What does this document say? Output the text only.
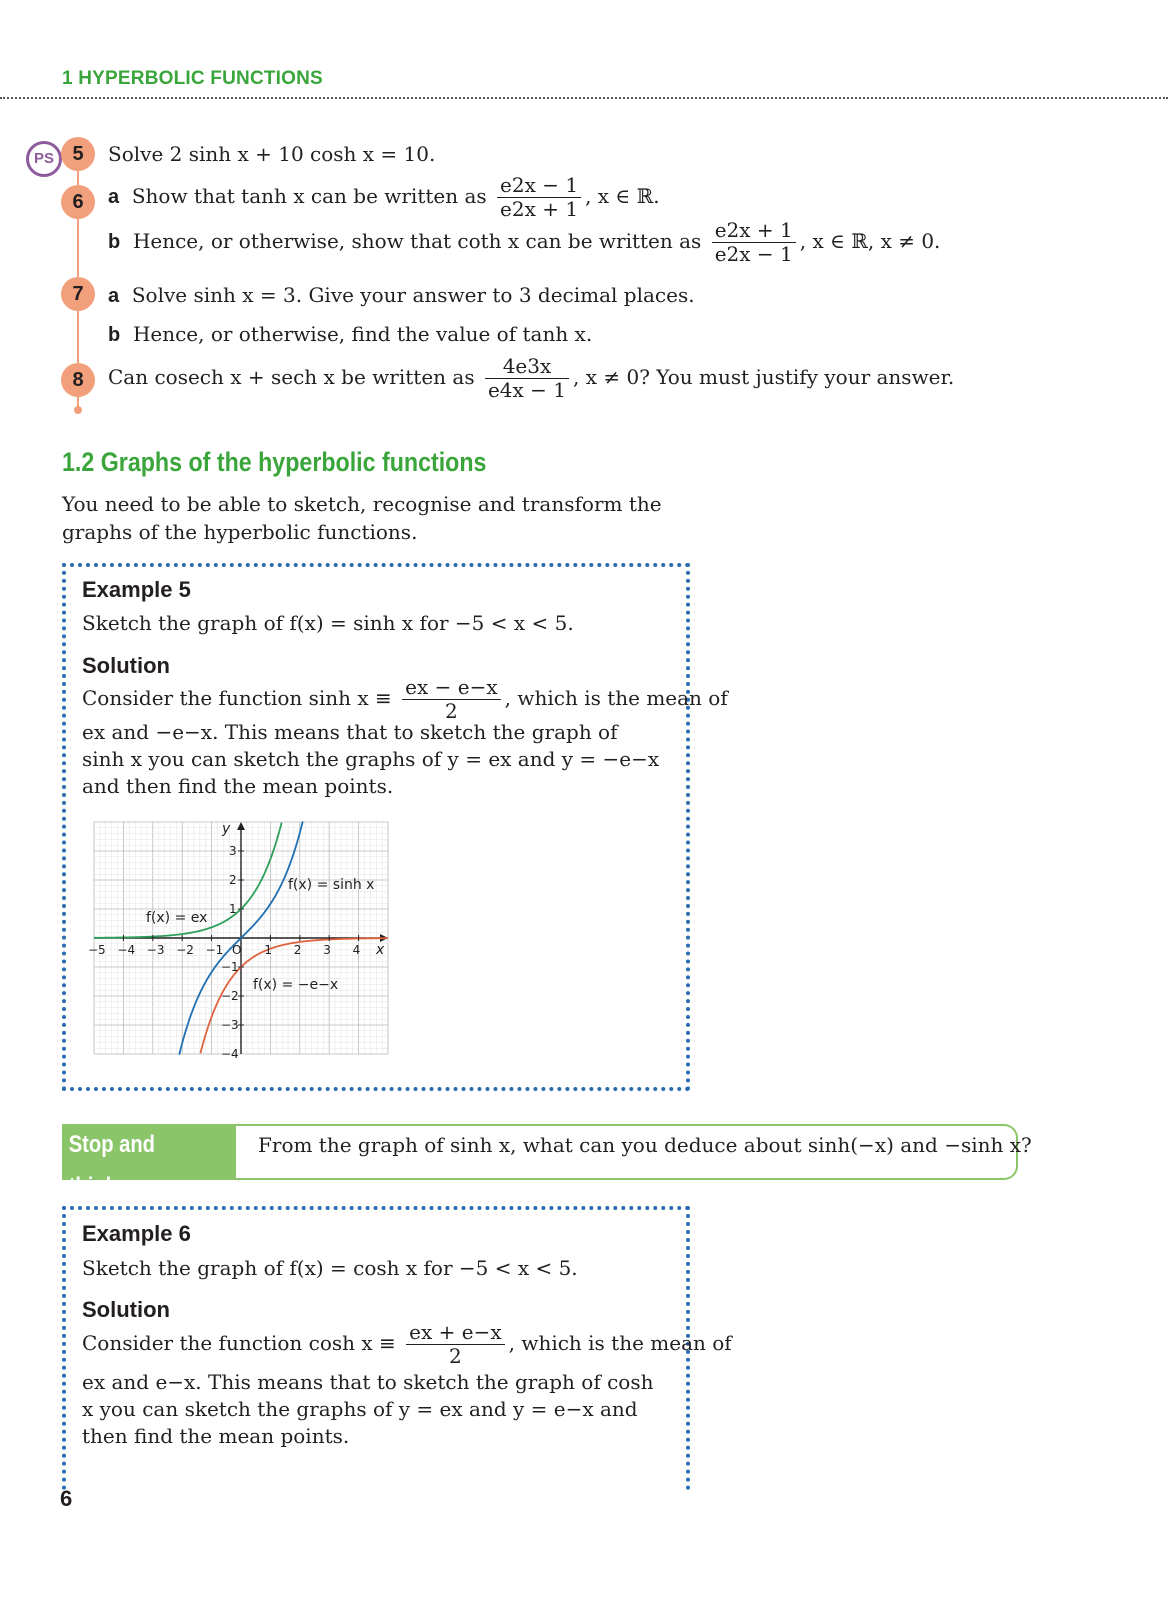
1 HYPERBOLIC FUNCTIONS
PS 5	Solve 2 sinh x + 10 cosh x = 10.
6	a Show that tanh x can be written as $\frac{e2x - 1}{e2x + 1}$ , x ∈ ℝ.
b Hence, or otherwise, show that coth x can be written as $\frac{e2x + 1}{e2x - 1}$ , x ∈ ℝ, x ≠ 0.
7	a Solve sinh x = 3. Give your answer to 3 decimal places.
b Hence, or otherwise, find the value of tanh x.
8	Can cosech x + sech x be written as $\frac{4e3x}{e4x - 1}$ , x ≠ 0? You must justify your answer.
1.2 Graphs of the hyperbolic functions
You need to be able to sketch, recognise and transform the graphs of the hyperbolic functions.
Example 5
Sketch the graph of f(x) = sinh x for −5 < x < 5.
Solution
Consider the function $\sinh x \equiv \frac{ex - e-x}{2}$ , which is the mean of
ex and −e−x. This means that to sketch the graph of sinh x you can sketch the graphs of y = ex and y = −e−x and then find the mean points.
−5 −4 −3 −2 −1 O 1 2 3 4
3
2
1
−1
−2
−3
−4
x
y
f(x) = ex
f(x) = sinh x
f(x) = −e−x
Stop and think
From the graph of sinh x, what can you deduce about sinh(−x) and −sinh x?
Example 6
Sketch the graph of f(x) = cosh x for −5 < x < 5.
Solution
Consider the function $\cosh x \equiv \frac{ex + e-x}{2}$ , which is the mean of
ex and e−x. This means that to sketch the graph of cosh x you can sketch the graphs of y = ex and y = e−x and then find the mean points.
6
